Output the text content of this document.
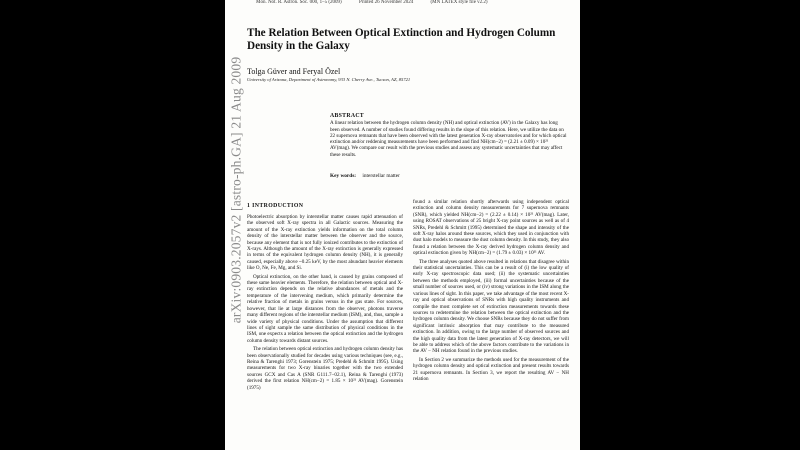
arXiv:0903.2057v2 [astro-ph.GA] 21 Aug 2009
Mon. Not. R. Astron. Soc. 000, 1–5 (2009)	Printed 26 November 2024	(MN LATEX style file v2.2)
The Relation Between Optical Extinction and Hydrogen Column Density in the Galaxy
Tolga Güver and Feryal Özel
University of Arizona, Department of Astronomy, 933 N. Cherry Ave., Tucson, AZ, 85721
ABSTRACT
A linear relation between the hydrogen column density (NH) and optical extinction (AV) in the Galaxy has long been observed. A number of studies found differing results in the slope of this relation. Here, we utilize the data on 22 supernova remnants that have been observed with the latest generation X-ray observatories and for which optical extinction and/or reddening measurements have been performed and find NH(cm−2) = (2.21 ± 0.09) × 10²¹ AV(mag). We compare our result with the previous studies and assess any systematic uncertainties that may affect these results.
Key words: interstellar matter
1 INTRODUCTION

Photoelectric absorption by interstellar matter causes rapid attenuation of the observed soft X-ray spectra in all Galactic sources. Measuring the amount of the X-ray extinction yields information on the total column density of the interstellar matter between the observer and the source, because any element that is not fully ionized contributes to the extinction of X-rays. Although the amount of the X-ray extinction is generally expressed in terms of the equivalent hydrogen column density (NH), it is generally caused, especially above ~0.25 keV, by the most abundant heavier elements like O, Ne, Fe, Mg, and Si.

Optical extinction, on the other hand, is caused by grains composed of these same heavier elements. Therefore, the relation between optical and X-ray extinction depends on the relative abundances of metals and the temperature of the intervening medium, which primarily determine the relative fraction of metals in grains versus in the gas state. For sources, however, that lie at large distances from the observer, photons traverse many different regions of the interstellar medium (ISM), and, thus, sample a wide variety of physical conditions. Under the assumption that different lines of sight sample the same distribution of physical conditions in the ISM, one expects a relation between the optical extinction and the hydrogen column density towards distant sources.

The relation between optical extinction and hydrogen column density has been observationally studied for decades using various techniques (see, e.g., Reina & Tarenghi 1973; Gorenstein 1975; Predehl & Schmitt 1995). Using measurements for two X-ray binaries together with the two extended sources GCX and Cas A (SNR G111.7−02.1), Reina & Tarenghi (1973) derived the first relation NH(cm−2) = 1.85 × 10²¹ AV(mag). Gorenstein (1975)

found a similar relation shortly afterwards using independent optical extinction and column density measurements for 7 supernova remnants (SNR), which yielded NH(cm−2) = (2.22 ± 0.14) × 10²¹ AV(mag). Later, using ROSAT observations of 25 bright X-ray point sources as well as of 4 SNRs, Predehl & Schmitt (1995) determined the shape and intensity of the soft X-ray halos around these sources, which they used in conjunction with dust halo models to measure the dust column density. In this study, they also found a relation between the X-ray derived hydrogen column density and optical extinction given by NH(cm−2) = (1.79 ± 0.03) × 10²¹ AV.

The three analyses quoted above resulted in relations that disagree within their statistical uncertainties. This can be a result of (i) the low quality of early X-ray spectroscopic data used; (ii) the systematic uncertainties between the methods employed, (iii) formal uncertainties because of the small number of sources used, or (iv) strong variations in the ISM along the various lines of sight. In this paper, we take advantage of the most recent X-ray and optical observations of SNRs with high quality instruments and compile the most complete set of extinction measurements towards these sources to redetermine the relation between the optical extinction and the hydrogen column density. We choose SNRs because they do not suffer from significant intrinsic absorption that may contribute to the measured extinction. In addition, owing to the large number of observed sources and the high quality data from the latest generation of X-ray detectors, we will be able to address which of the above factors contribute to the variations in the AV − NH relation found in the previous studies.

In Section 2 we summarize the methods used for the measurement of the hydrogen column density and optical extinction and present results towards 21 supernova remnants. In Section 3, we report the resulting AV − NH relation
